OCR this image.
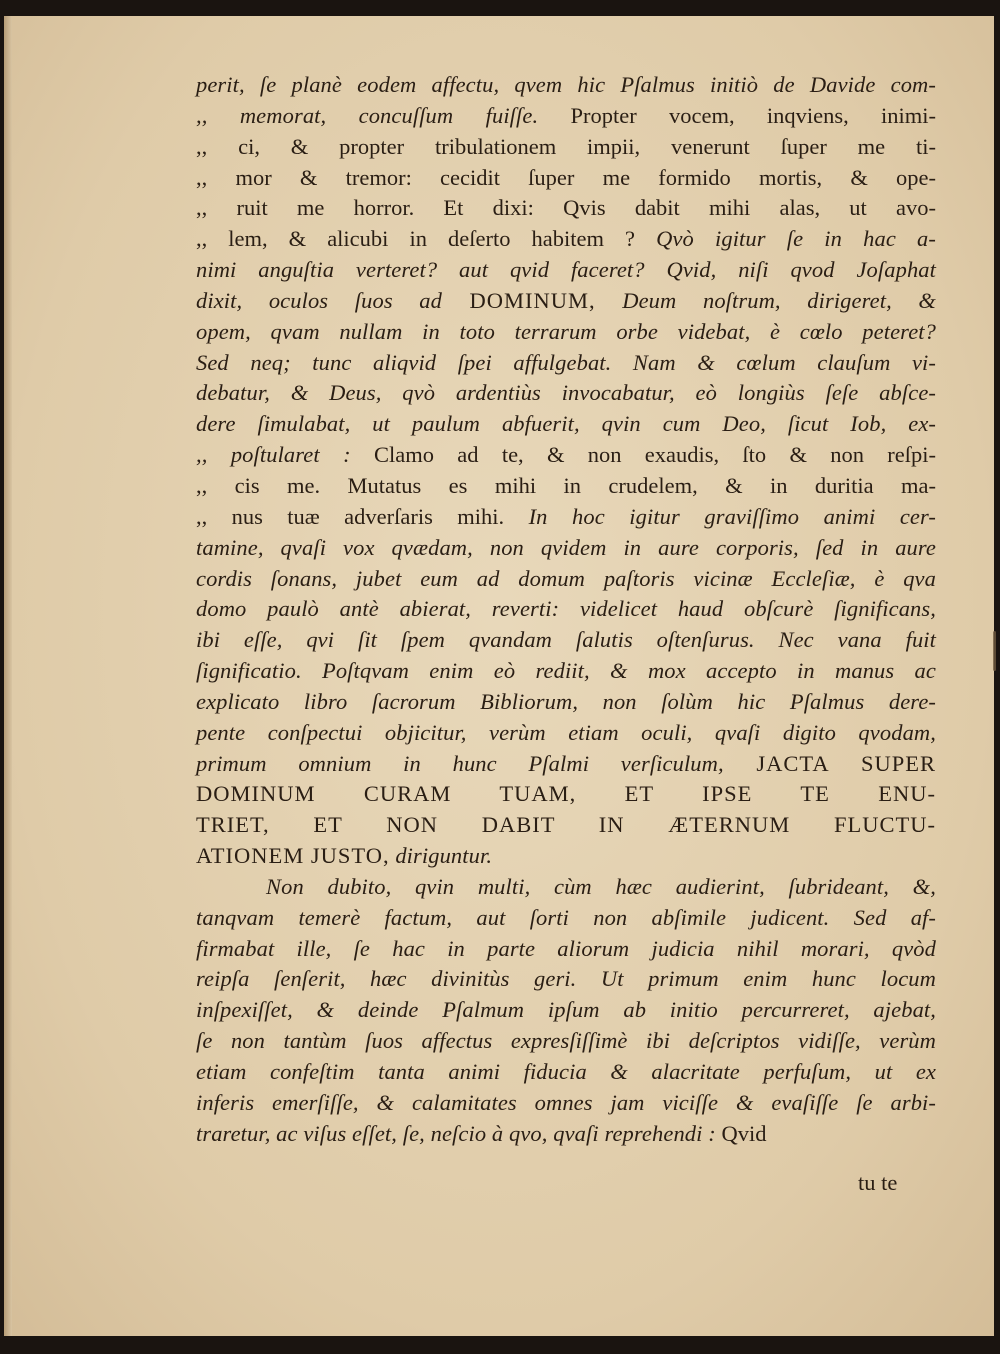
perit, ſe planè eodem affectu, qvem hic Pſalmus initiò de Davide com-
,, memorat, concuſſum fuiſſe. Propter vocem, inqviens, inimi-
,, ci, & propter tribulationem impii, venerunt ſuper me ti-
,, mor & tremor: cecidit ſuper me formido mortis, & ope-
,, ruit me horror. Et dixi: Qvis dabit mihi alas, ut avo-
,, lem, & alicubi in deſerto habitem ? Qvò igitur ſe in hac a-
nimi anguſtia verteret? aut qvid faceret? Qvid, niſi qvod Joſaphat
dixit, oculos ſuos ad DOMINUM, Deum noſtrum, dirigeret, &
opem, qvam nullam in toto terrarum orbe videbat, è cœlo peteret?
Sed neq; tunc aliqvid ſpei affulgebat. Nam & cœlum clauſum vi-
debatur, & Deus, qvò ardentiùs invocabatur, eò longiùs ſeſe abſce-
dere ſimulabat, ut paulum abfuerit, qvin cum Deo, ſicut Iob, ex-
,, poſtularet : Clamo ad te, & non exaudis, ſto & non reſpi-
,, cis me. Mutatus es mihi in crudelem, & in duritia ma-
,, nus tuæ adverſaris mihi. In hoc igitur graviſſimo animi cer-
tamine, qvaſi vox qvædam, non qvidem in aure corporis, ſed in aure
cordis ſonans, jubet eum ad domum paſtoris vicinæ Eccleſiæ, è qva
domo paulò antè abierat, reverti: videlicet haud obſcurè ſignificans,
ibi eſſe, qvi ſit ſpem qvandam ſalutis oſtenſurus. Nec vana fuit
ſignificatio. Poſtqvam enim eò rediit, & mox accepto in manus ac
explicato libro ſacrorum Bibliorum, non ſolùm hic Pſalmus dere-
pente conſpectui objicitur, verùm etiam oculi, qvaſi digito qvodam,
primum omnium in hunc Pſalmi verſiculum, JACTA SUPER
DOMINUM CURAM TUAM, ET IPSE TE ENU-
TRIET, ET NON DABIT IN ÆTERNUM FLUCTU-
ATIONEM JUSTO, diriguntur.
Non dubito, qvin multi, cùm hæc audierint, ſubrideant, &,
tanqvam temerè factum, aut ſorti non abſimile judicent. Sed af-
firmabat ille, ſe hac in parte aliorum judicia nihil morari, qvòd
reipſa ſenſerit, hæc divinitùs geri. Ut primum enim hunc locum
inſpexiſſet, & deinde Pſalmum ipſum ab initio percurreret, ajebat,
ſe non tantùm ſuos affectus expresſiſſimè ibi deſcriptos vidiſſe, verùm
etiam confeſtim tanta animi fiducia & alacritate perfuſum, ut ex
inferis emerſiſſe, & calamitates omnes jam viciſſe & evaſiſſe ſe arbi-
traretur, ac viſus eſſet, ſe, neſcio à qvo, qvaſi reprehendi : Qvid
tu te
